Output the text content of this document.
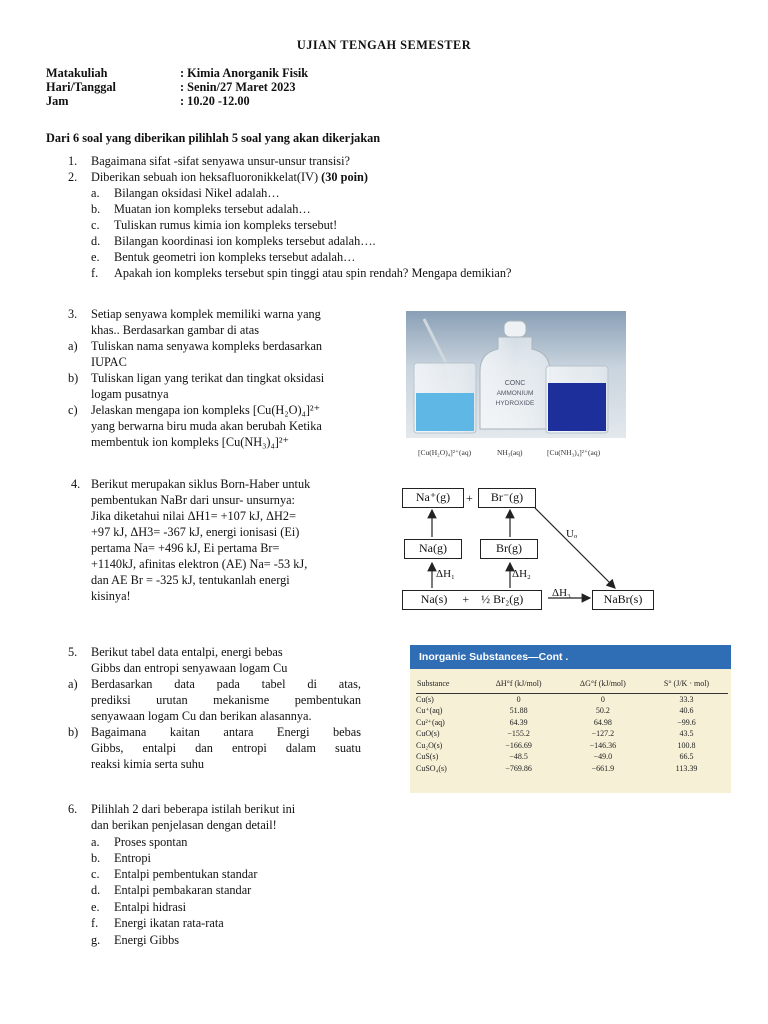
UJIAN TENGAH SEMESTER
Matakuliah	: Kimia Anorganik Fisik
Hari/Tanggal	: Senin/27 Maret 2023
Jam	: 10.20 -12.00
Dari 6 soal yang diberikan pilihlah 5 soal yang akan dikerjakan
1. Bagaimana sifat -sifat senyawa unsur-unsur transisi?
2. Diberikan sebuah ion heksafluoronikkelat(IV) (30 poin)
a. Bilangan oksidasi Nikel adalah…
b. Muatan ion kompleks tersebut adalah…
c. Tuliskan rumus kimia ion kompleks tersebut!
d. Bilangan koordinasi ion kompleks tersebut adalah….
e. Bentuk geometri ion kompleks tersebut adalah…
f. Apakah ion kompleks tersebut spin tinggi atau spin rendah? Mengapa demikian?
3. Setiap senyawa komplek memiliki warna yang
khas.. Berdasarkan gambar di atas
a) Tuliskan nama senyawa kompleks berdasarkan
IUPAC
b) Tuliskan ligan yang terikat dan tingkat oksidasi
logam pusatnya
c) Jelaskan mengapa ion kompleks [Cu(H₂O)₄]²⁺
yang berwarna biru muda akan berubah Ketika
membentuk ion kompleks [Cu(NH₃)₄]²⁺
CONC
AMMONIUM
HYDROXIDE
[Cu(H₂O)₄]²⁺(aq)	NH₃(aq)	[Cu(NH₃)₄]²⁺(aq)
4. Berikut merupakan siklus Born-Haber untuk
pembentukan NaBr dari unsur- unsurnya:
Jika diketahui nilai ΔH1= +107 kJ, ΔH2=
+97 kJ, ΔH3= -367 kJ, energi ionisasi (Ei)
pertama Na= +496 kJ, Ei pertama Br=
+1140kJ, afinitas elektron (AE) Na= -53 kJ,
dan AE Br = -325 kJ, tentukanlah energi
kisinya!
Na⁺(g)	+	Br⁻(g)
Na(g)	Br(g)
Na(s)     +    ½ Br₂(g)	NaBr(s)
ΔH₁	ΔH₂
ΔH₃
Uₒ
5. Berikut tabel data entalpi, energi bebas
Gibbs dan entropi senyawaan logam Cu
a) Berdasarkan data pada tabel di atas,
prediksi urutan mekanisme pembentukan
senyawaan logam Cu dan berikan alasannya.
b) Bagaimana kaitan antara Energi bebas
Gibbs, entalpi dan entropi dalam suatu
reaksi kimia serta suhu
Inorganic Substances—Cont .
Substance	ΔH°f (kJ/mol)	ΔG°f (kJ/mol)	S° (J/K · mol)
Cu(s)	0	0	33.3
Cu⁺(aq)	51.88	50.2	40.6
Cu²⁺(aq)	64.39	64.98	−99.6
CuO(s)	−155.2	−127.2	43.5
Cu₂O(s)	−166.69	−146.36	100.8
CuS(s)	−48.5	−49.0	66.5
CuSO₄(s)	−769.86	−661.9	113.39
6. Pilihlah 2 dari beberapa istilah berikut ini
dan berikan penjelasan dengan detail!
a. Proses spontan
b. Entropi
c. Entalpi pembentukan standar
d. Entalpi pembakaran standar
e. Entalpi hidrasi
f. Energi ikatan rata-rata
g. Energi Gibbs
